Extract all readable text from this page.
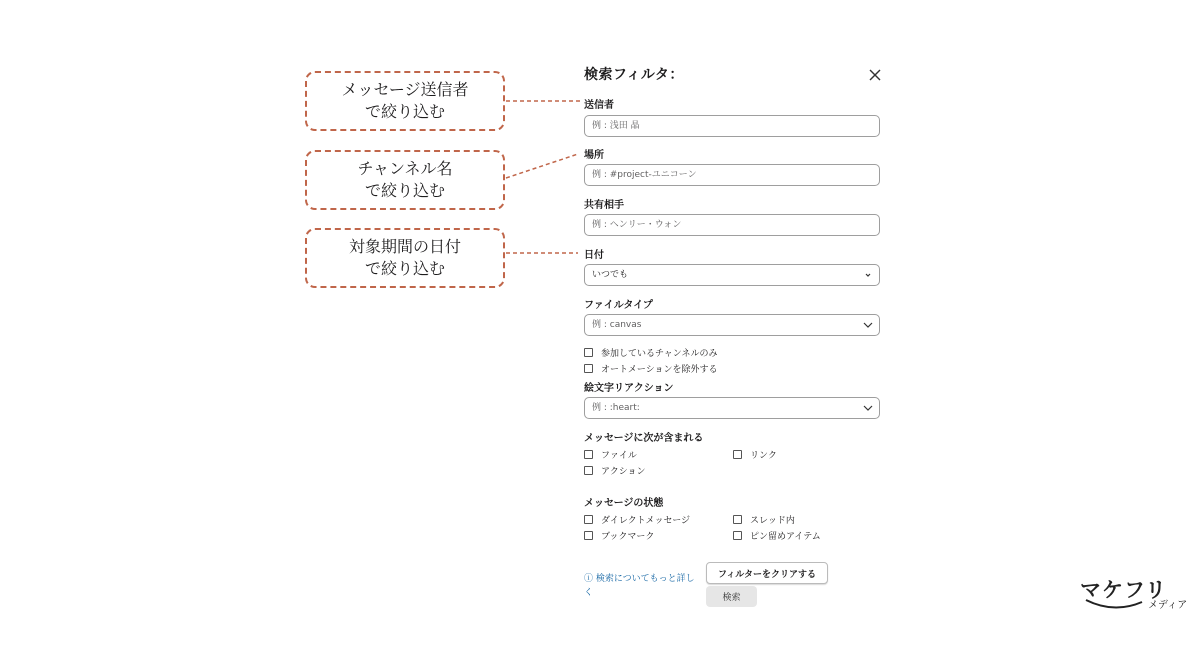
メッセージ送信者
で絞り込む
チャンネル名
で絞り込む
対象期間の日付
で絞り込む
検索フィルタ：
送信者
例 : 浅田 晶
場所
例 : #project-ユニコーン
共有相手
例 : ヘンリー・ウォン
日付
いつでも
ファイルタイプ
例 : canvas
参加しているチャンネルのみ
オートメーションを除外する
絵文字リアクション
例 : :heart:
メッセージに次が含まれる
ファイル	リンク
アクション
メッセージの状態
ダイレクトメッセージ	スレッド内
ブックマーク	ピン留めアイテム
ⓘ 検索についてもっと詳し
く
フィルターをクリアする
検索	マケフリ
メディア
